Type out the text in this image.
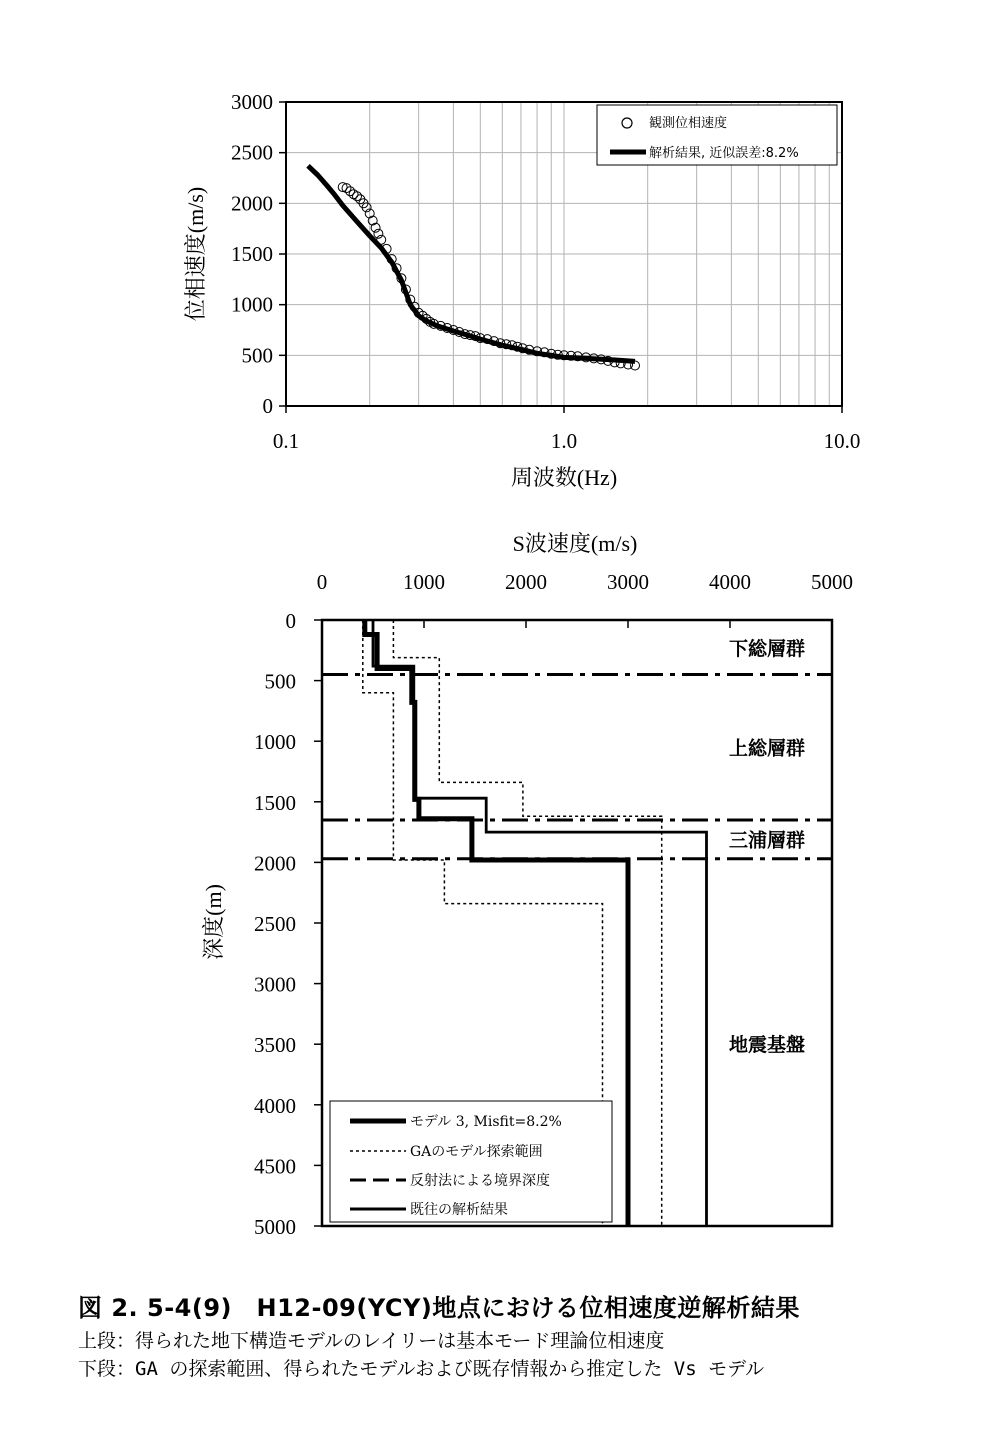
0
500
1000
1500
2000
2500
3000
0.1	1.0	10.0
周波数(Hz)
位相速度(m/s)
観測位相速度
解析結果, 近似誤差:8.2%
S波速度(m/s)
深度(m)
0	1000	2000	3000	4000	5000
0
500
1000
1500
2000
2500
3000
3500
4000
4500
5000
下総層群
上総層群
三浦層群
地震基盤
モデル 3, Misfit=8.2%
GAのモデル探索範囲
反射法による境界深度
既往の解析結果

図 2. 5-4(9)　H12-09(YCY)地点における位相速度逆解析結果

上段：得られた地下構造モデルのレイリーは基本モード理論位相速度

下段：GA の探索範囲、得られたモデルおよび既存情報から推定した Vs モデル
